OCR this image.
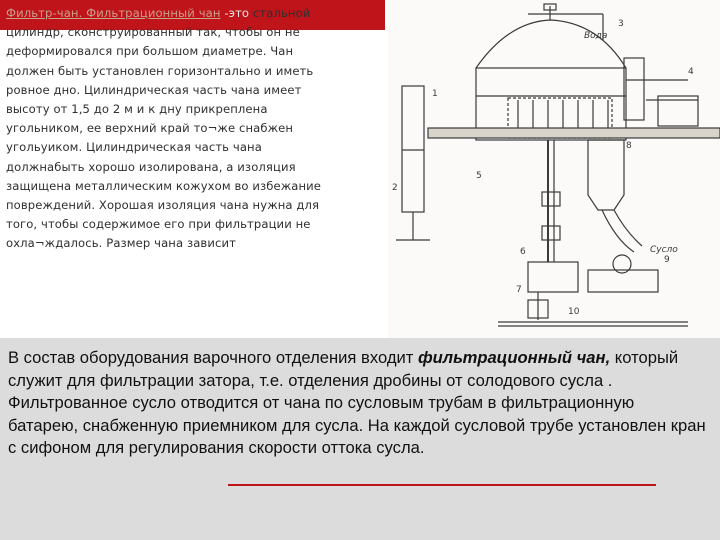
Фильтр-чан. Фильтрационный чан -это стальной цилиндр, сконструированный так, чтобы он не деформировался при большом диаметре. Чан должен быть установлен горизонтально и иметь ровное дно. Цилиндрическая часть чана имеет высоту от 1,5 до 2 м и к дну прикреплена угольником, ее верхний край то¬же снабжен угольуиком. Цилиндрическая часть чана должнабыть хорошо изолирована, а изоляция защищена металлическим кожухом во избежание повреждений. Хорошая изоляция чана нужна для того, чтобы содержимое его при фильтрации не охла¬ждалось. Размер чана зависит
1
2
3
4
5
6
7
8
9
10
Сусло
Вода
В состав оборудования варочного отделения входит фильтрационный чан, который служит для фильтрации затора, т.е. отделения дробины от солодового сусла . Фильтрованное сусло отводится от чана по сусловым трубам в фильтрационную батарею, снабженную приемником для сусла. На каждой сусловой трубе установлен кран с сифоном для регулирования скорости оттока сусла.
